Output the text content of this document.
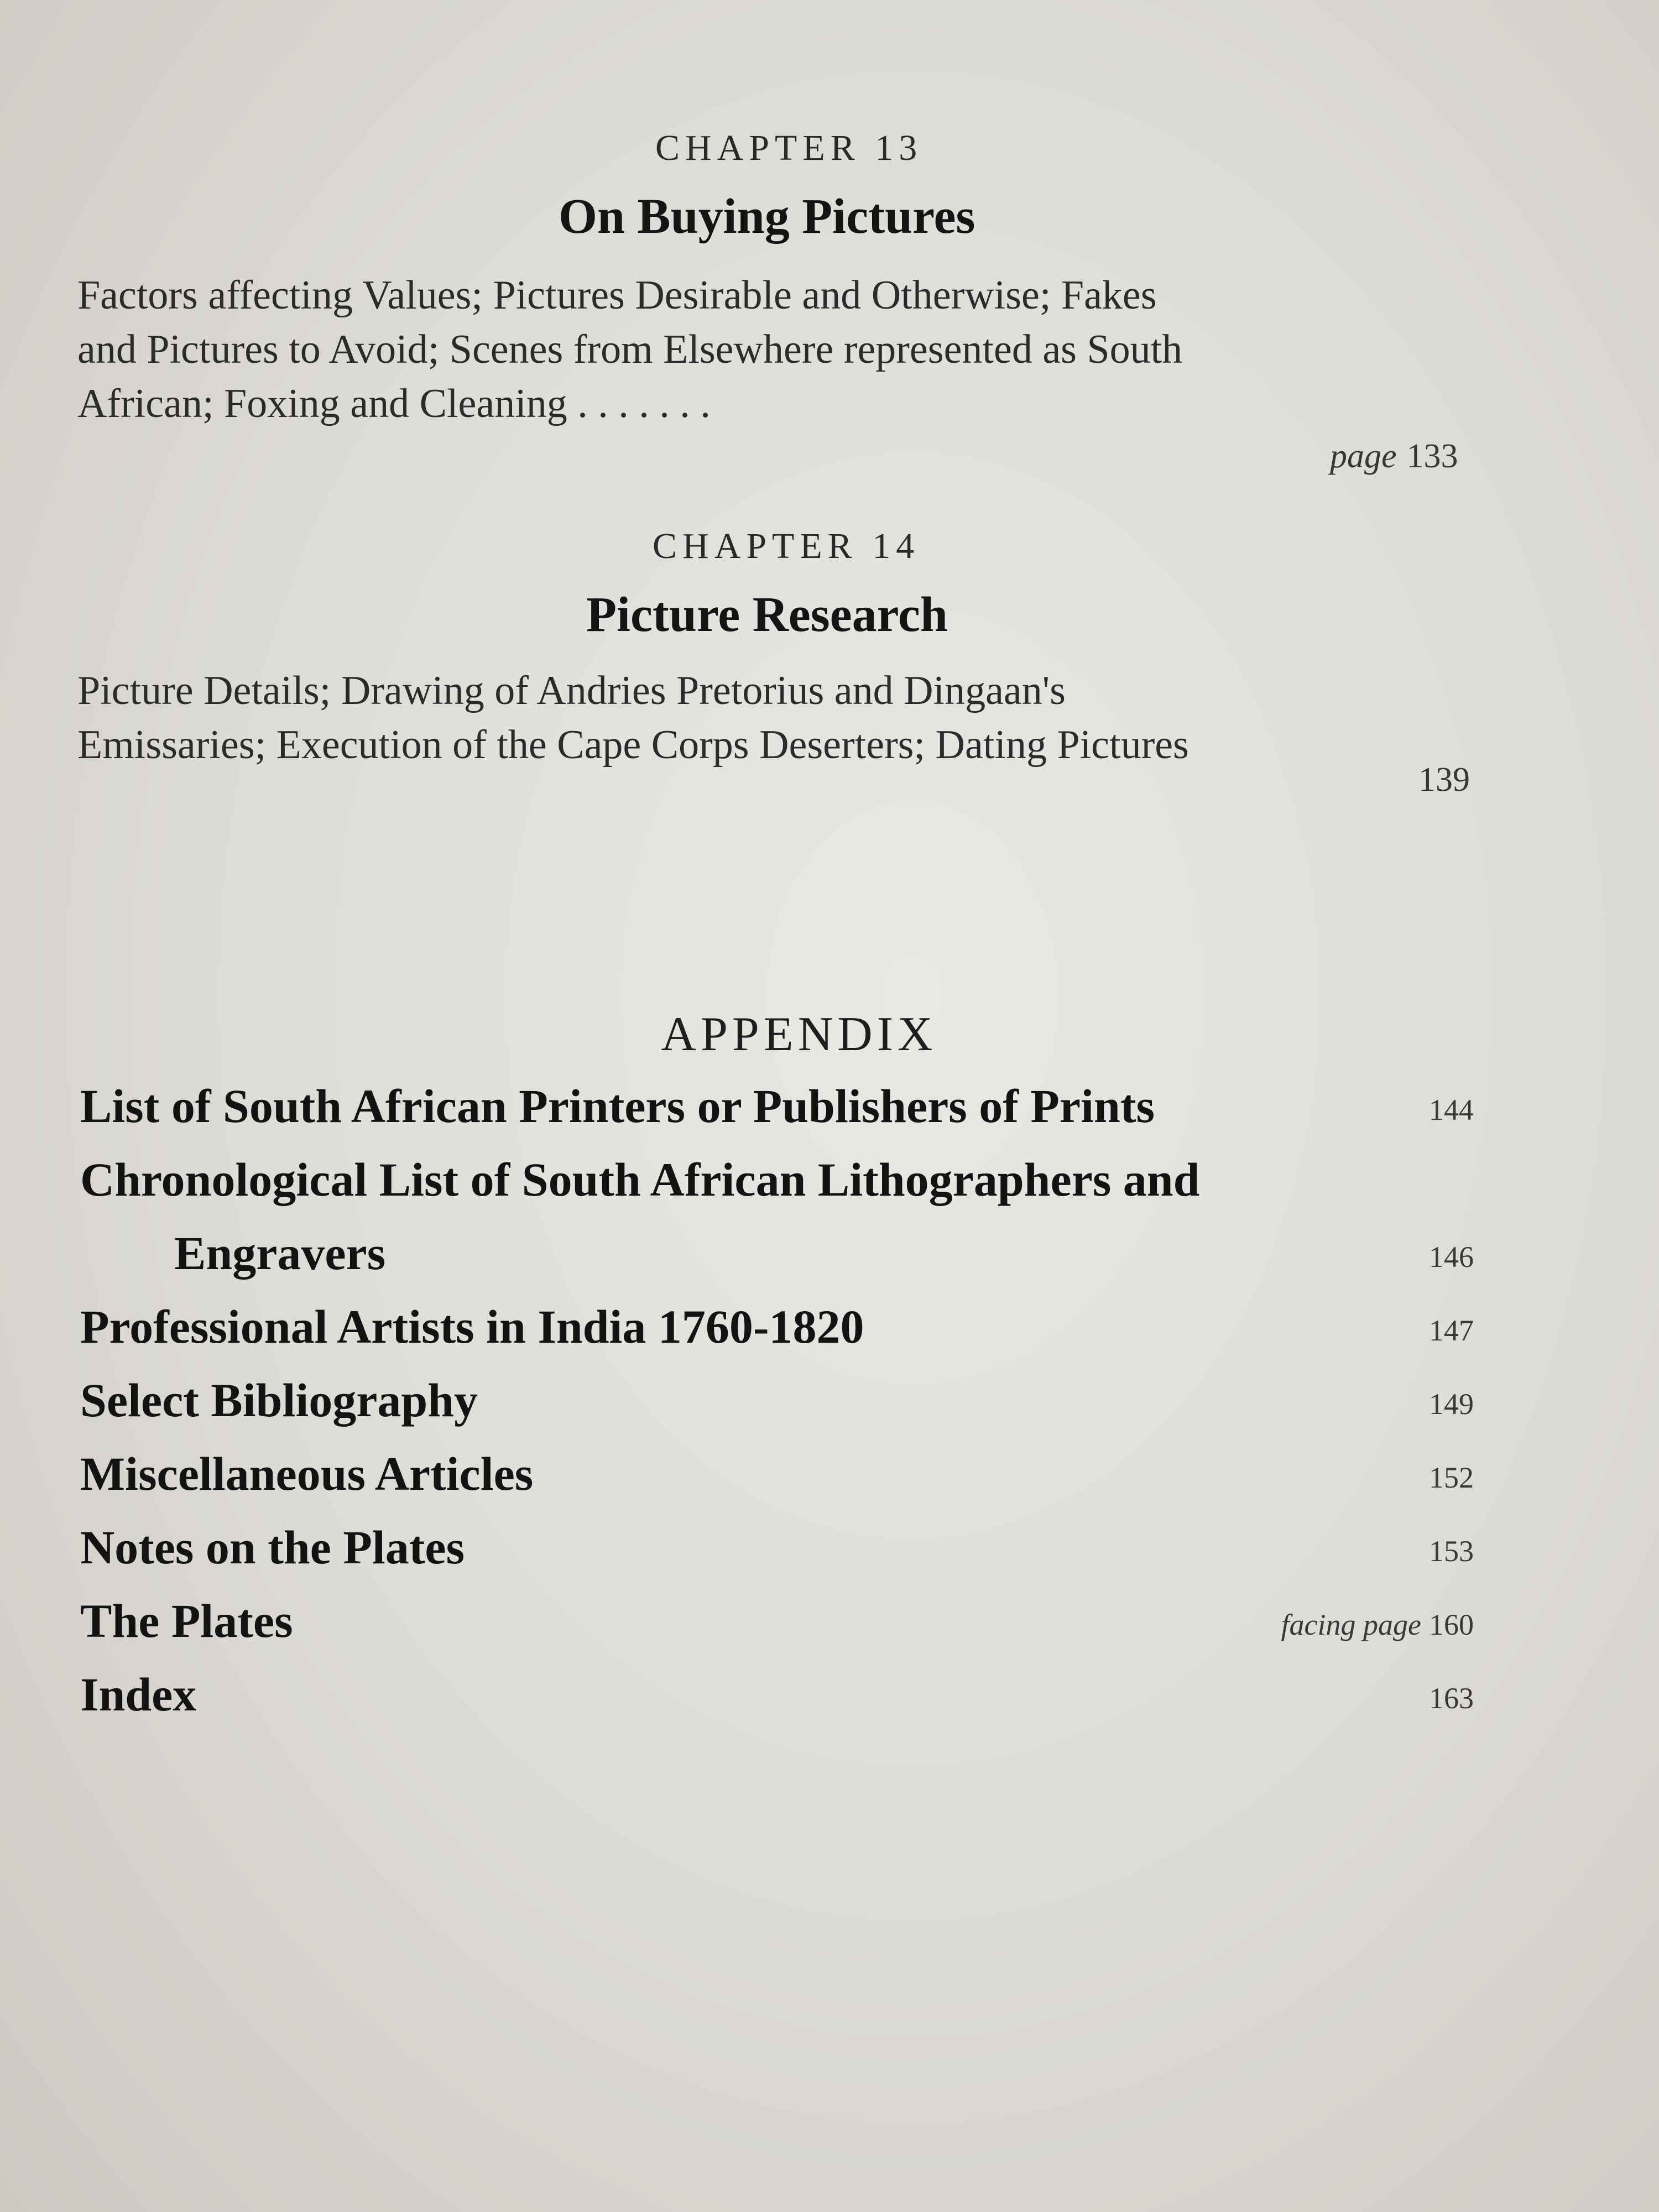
CHAPTER 13
On Buying Pictures
Factors affecting Values; Pictures Desirable and Otherwise; Fakes
and Pictures to Avoid; Scenes from Elsewhere represented as South
African; Foxing and Cleaning . . . . . . .
page 133
CHAPTER 14
Picture Research
Picture Details; Drawing of Andries Pretorius and Dingaan's
Emissaries; Execution of the Cape Corps Deserters; Dating Pictures
139
APPENDIX
List of South African Printers or Publishers of Prints	144
Chronological List of South African Lithographers and
Engravers	146
Professional Artists in India 1760-1820	147
Select Bibliography	149
Miscellaneous Articles	152
Notes on the Plates	153
The Plates	facing page 160
Index	163
